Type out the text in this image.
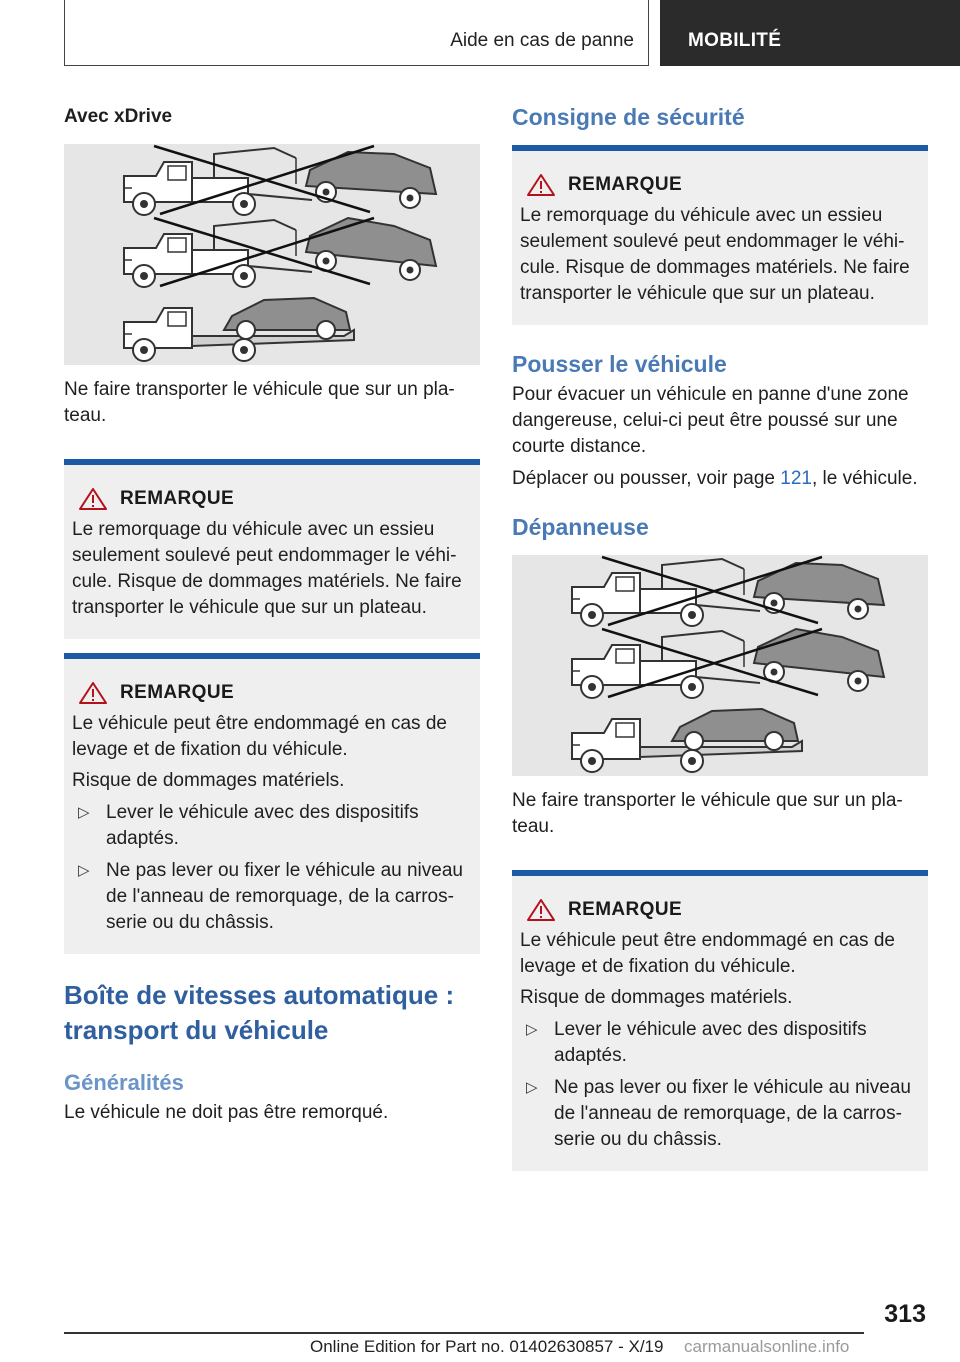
Aide en cas de panne	MOBILITÉ
Avec xDrive
Ne faire transporter le véhicule que sur un pla‐teau.
REMARQUE
Le remorquage du véhicule avec un essieu seulement soulevé peut endommager le véhi‐cule. Risque de dommages matériels. Ne faire transporter le véhicule que sur un plateau.
REMARQUE
Le véhicule peut être endommagé en cas de levage et de fixation du véhicule.
Risque de dommages matériels.
▷ Lever le véhicule avec des dispositifs adaptés.
▷ Ne pas lever ou fixer le véhicule au niveau de l'anneau de remorquage, de la carros‐serie ou du châssis.
Boîte de vitesses automatique : transport du véhicule
Généralités
Le véhicule ne doit pas être remorqué.
Consigne de sécurité
REMARQUE
Le remorquage du véhicule avec un essieu seulement soulevé peut endommager le véhi‐cule. Risque de dommages matériels. Ne faire transporter le véhicule que sur un plateau.
Pousser le véhicule
Pour évacuer un véhicule en panne d'une zone dangereuse, celui-ci peut être poussé sur une courte distance.
Déplacer ou pousser, voir page 121, le véhicule.
Dépanneuse
Ne faire transporter le véhicule que sur un pla‐teau.
REMARQUE
Le véhicule peut être endommagé en cas de levage et de fixation du véhicule.
Risque de dommages matériels.
▷ Lever le véhicule avec des dispositifs adaptés.
▷ Ne pas lever ou fixer le véhicule au niveau de l'anneau de remorquage, de la carros‐serie ou du châssis.
313
Online Edition for Part no. 01402630857 - X/19 carmanualsonline.info
